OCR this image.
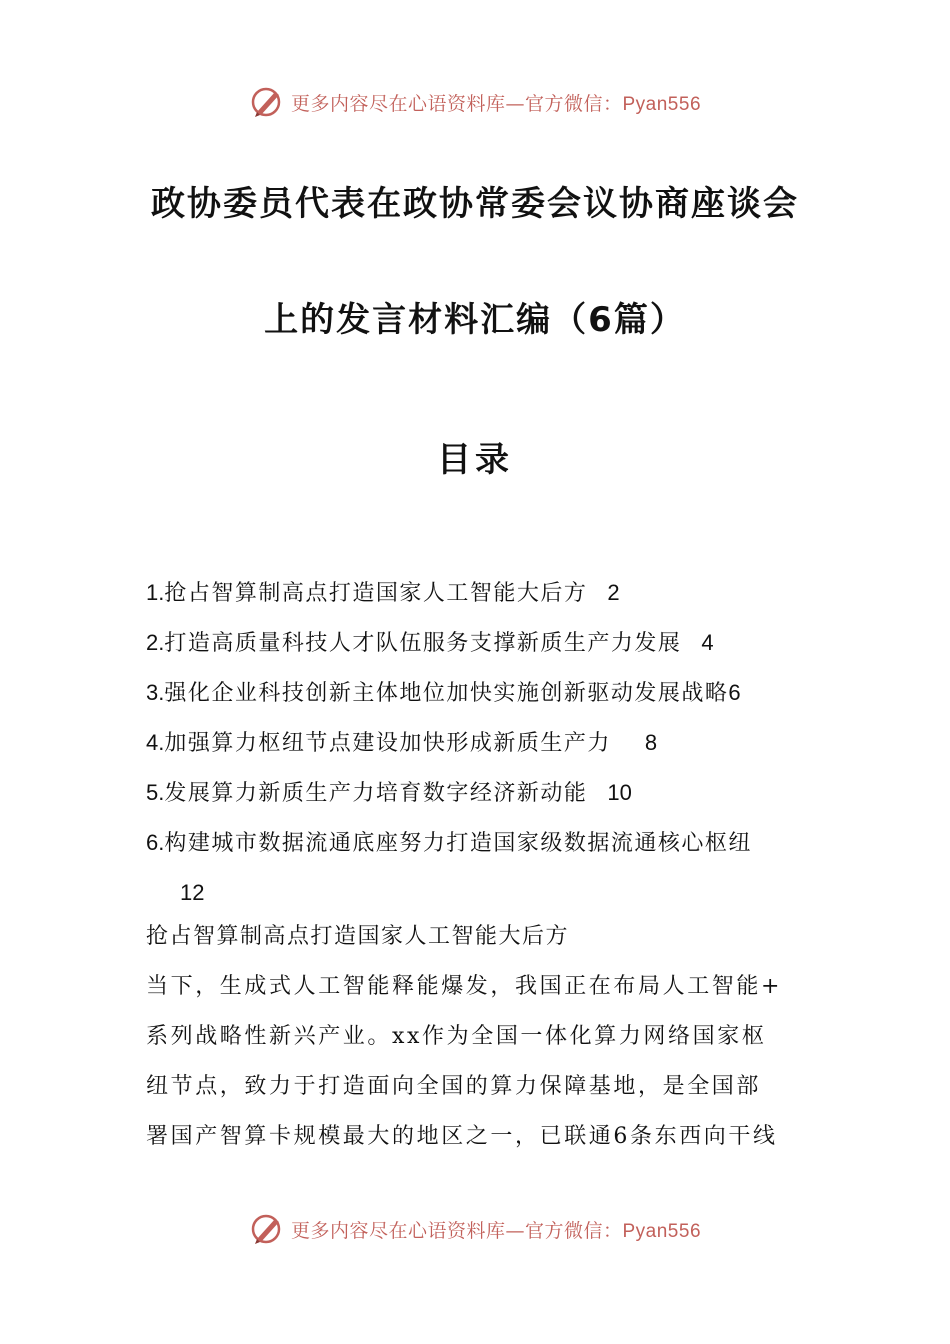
更多内容尽在心语资料库—官方微信：Pyan556
政协委员代表在政协常委会议协商座谈会
上的发言材料汇编（6篇）
目录
1.抢占智算制高点打造国家人工智能大后方 2
2.打造高质量科技人才队伍服务支撑新质生产力发展 4
3.强化企业科技创新主体地位加快实施创新驱动发展战略6
4.加强算力枢纽节点建设加快形成新质生产力 8
5.发展算力新质生产力培育数字经济新动能 10
6.构建城市数据流通底座努力打造国家级数据流通核心枢纽
12
抢占智算制高点打造国家人工智能大后方
当下，生成式人工智能释能爆发，我国正在布局人工智能+
系列战略性新兴产业。xx作为全国一体化算力网络国家枢
纽节点，致力于打造面向全国的算力保障基地，是全国部
署国产智算卡规模最大的地区之一，已联通6条东西向干线
更多内容尽在心语资料库—官方微信：Pyan556
